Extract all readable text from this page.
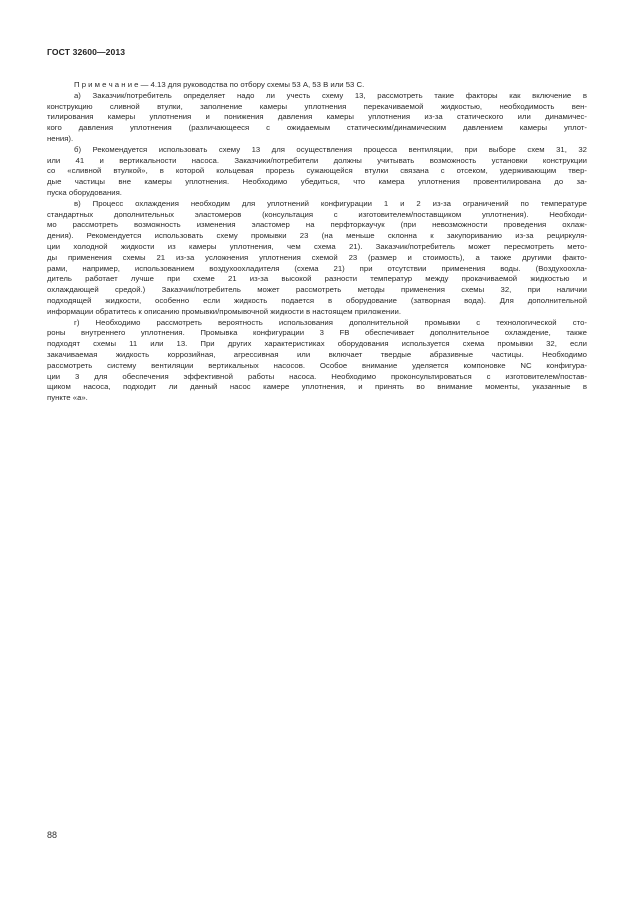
ГОСТ 32600—2013
П р и м е ч а н и е — 4.13 для руководства по отбору схемы 53 А, 53 В или 53 С.
а) Заказчик/потребитель определяет надо ли учесть схему 13, рассмотреть такие факторы как включение в
конструкцию сливной втулки, заполнение камеры уплотнения перекачиваемой жидкостью, необходимость вен-
тилирования камеры уплотнения и понижения давления камеры уплотнения из-за статического или динамичес-
кого давления уплотнения (различающееся с ожидаемым статическим/динамическим давлением камеры уплот-
нения).
б) Рекомендуется использовать схему 13 для осуществления процесса вентиляции, при выборе схем 31, 32
или 41 и вертикальности насоса. Заказчики/потребители должны учитывать возможность установки конструкции
со «сливной втулкой», в которой кольцевая прорезь сужающейся втулки связана с отсеком, удерживающим твер-
дые частицы вне камеры уплотнения. Необходимо убедиться, что камера уплотнения провентилирована до за-
пуска оборудования.
в) Процесс охлаждения необходим для уплотнений конфигурации 1 и 2 из-за ограничений по температуре
стандартных дополнительных эластомеров (консультация с изготовителем/поставщиком уплотнения). Необходи-
мо рассмотреть возможность изменения эластомер на перфторкаучук (при невозможности проведения охлаж-
дения). Рекомендуется использовать схему промывки 23 (на меньше склонна к закупориванию из-за рециркуля-
ции холодной жидкости из камеры уплотнения, чем схема 21). Заказчик/потребитель может пересмотреть мето-
ды применения схемы 21 из-за усложнения уплотнения схемой 23 (размер и стоимость), а также другими факто-
рами, например, использованием воздухоохладителя (схема 21) при отсутствии применения воды. (Воздухоохла-
дитель работает лучше при схеме 21 из-за высокой разности температур между прокачиваемой жидкостью и
охлаждающей средой.) Заказчик/потребитель может рассмотреть методы применения схемы 32, при наличии
подходящей жидкости, особенно если жидкость подается в оборудование (затворная вода). Для дополнительной
информации обратитесь к описанию промывки/промывочной жидкости в настоящем приложении.
г) Необходимо рассмотреть вероятность использования дополнительной промывки с технологической сто-
роны внутреннего уплотнения. Промывка конфигурации 3 FB обеспечивает дополнительное охлаждение, также
подходят схемы 11 или 13. При других характеристиках оборудования используется схема промывки 32, если
закачиваемая жидкость коррозийная, агрессивная или включает твердые абразивные частицы. Необходимо
рассмотреть систему вентиляции вертикальных насосов. Особое внимание уделяется компоновке NC конфигура-
ции 3 для обеспечения эффективной работы насоса. Необходимо проконсультироваться с изготовителем/постав-
щиком насоса, подходит ли данный насос камере уплотнения, и принять во внимание моменты, указанные в
пункте «а».
88
